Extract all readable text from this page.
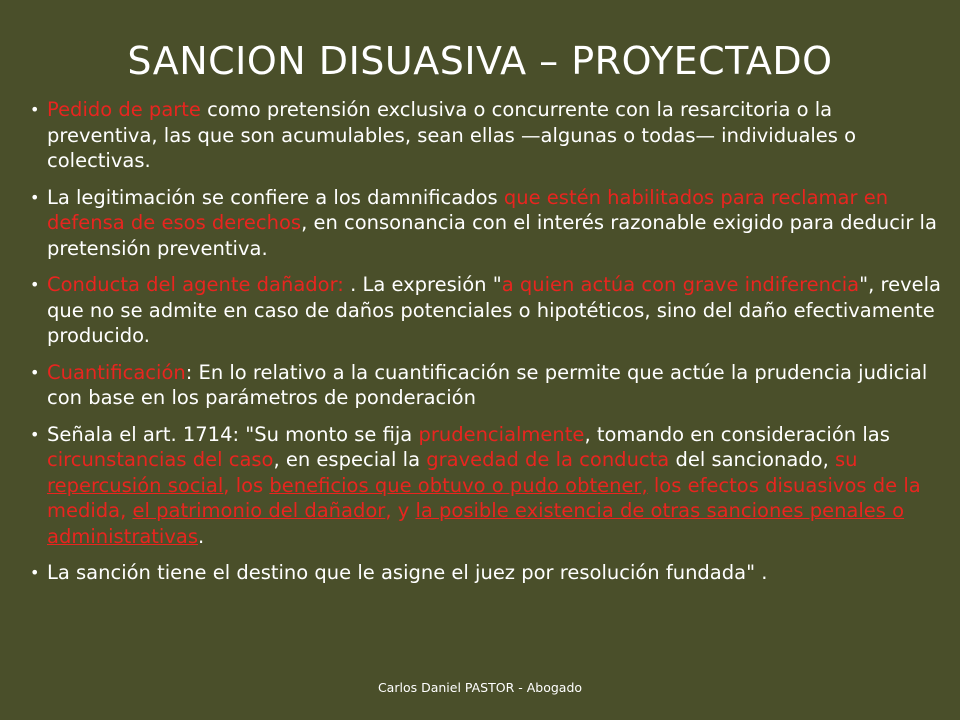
SANCION DISUASIVA – PROYECTADO
• Pedido de parte como pretensión exclusiva o concurrente con la resarcitoria o la preventiva, las que son acumulables, sean ellas —algunas o todas— individuales o colectivas.
• La legitimación se confiere a los damnificados que estén habilitados para reclamar en defensa de esos derechos, en consonancia con el interés razonable exigido para deducir la pretensión preventiva.
• Conducta del agente dañador: . La expresión "a quien actúa con grave indiferencia", revela que no se admite en caso de daños potenciales o hipotéticos, sino del daño efectivamente producido.
• Cuantificación: En lo relativo a la cuantificación se permite que actúe la prudencia judicial con base en los parámetros de ponderación
• Señala el art. 1714: "Su monto se fija prudencialmente, tomando en consideración las circunstancias del caso, en especial la gravedad de la conducta del sancionado, su repercusión social, los beneficios que obtuvo o pudo obtener, los efectos disuasivos de la medida, el patrimonio del dañador, y la posible existencia de otras sanciones penales o administrativas.
• La sanción tiene el destino que le asigne el juez por resolución fundada" .
Carlos Daniel PASTOR - Abogado
